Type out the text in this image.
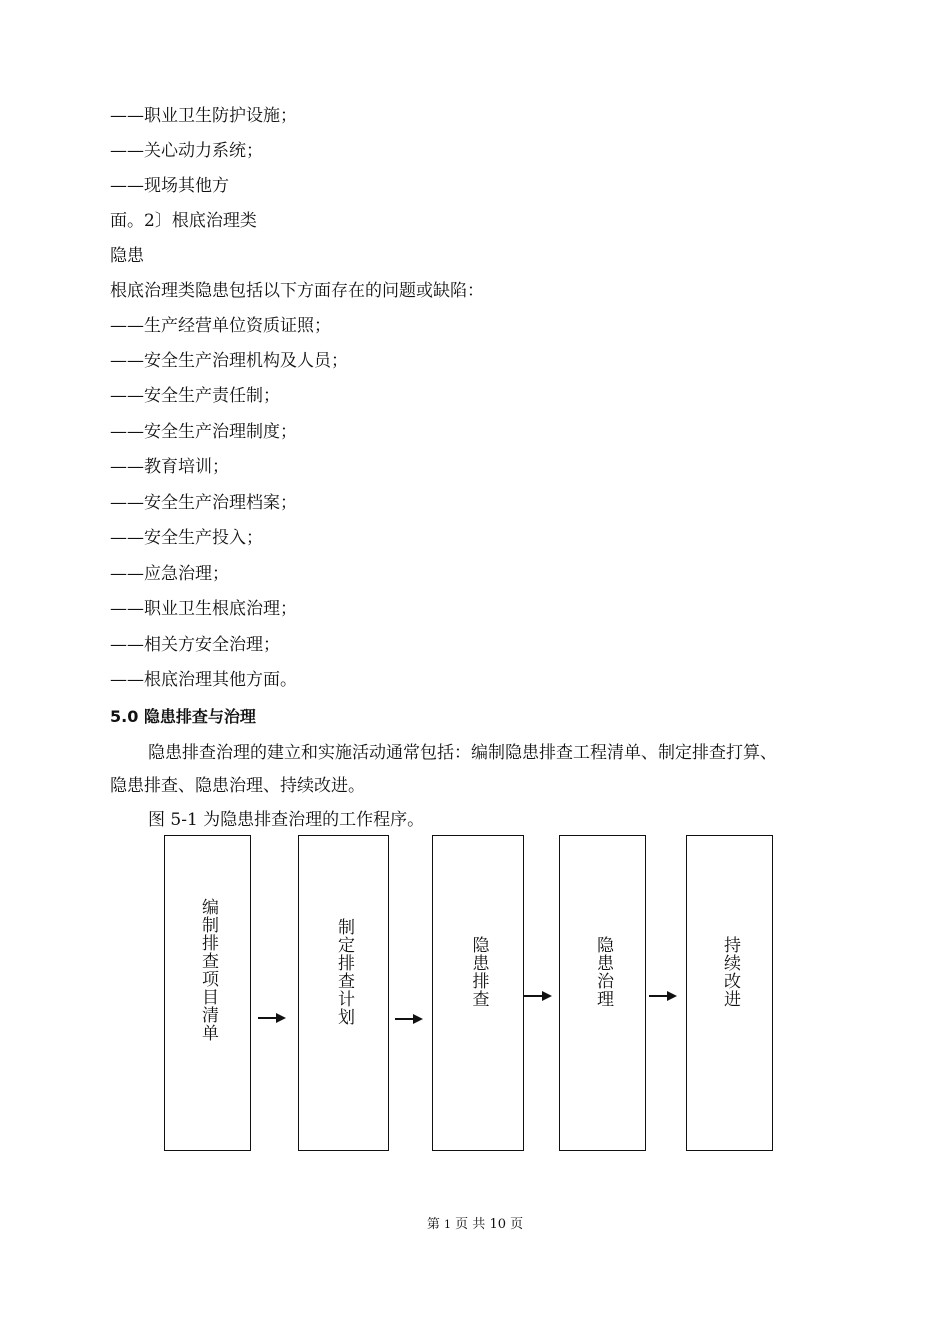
——职业卫生防护设施；
——关心动力系统；
——现场其他方
面。2〕根底治理类
隐患
根底治理类隐患包括以下方面存在的问题或缺陷：
——生产经营单位资质证照；
——安全生产治理机构及人员；
——安全生产责任制；
——安全生产治理制度；
——教育培训；
——安全生产治理档案；
——安全生产投入；
——应急治理；
——职业卫生根底治理；
——相关方安全治理；
——根底治理其他方面。
5.0 隐患排查与治理
隐患排查治理的建立和实施活动通常包括：编制隐患排查工程清单、制定排查打算、
隐患排查、隐患治理、持续改进。
图 5-1 为隐患排查治理的工作程序。
编制排查项目清单	制定排查计划	隐患排查	隐患治理	持续改进
第 1 页 共 10 页
